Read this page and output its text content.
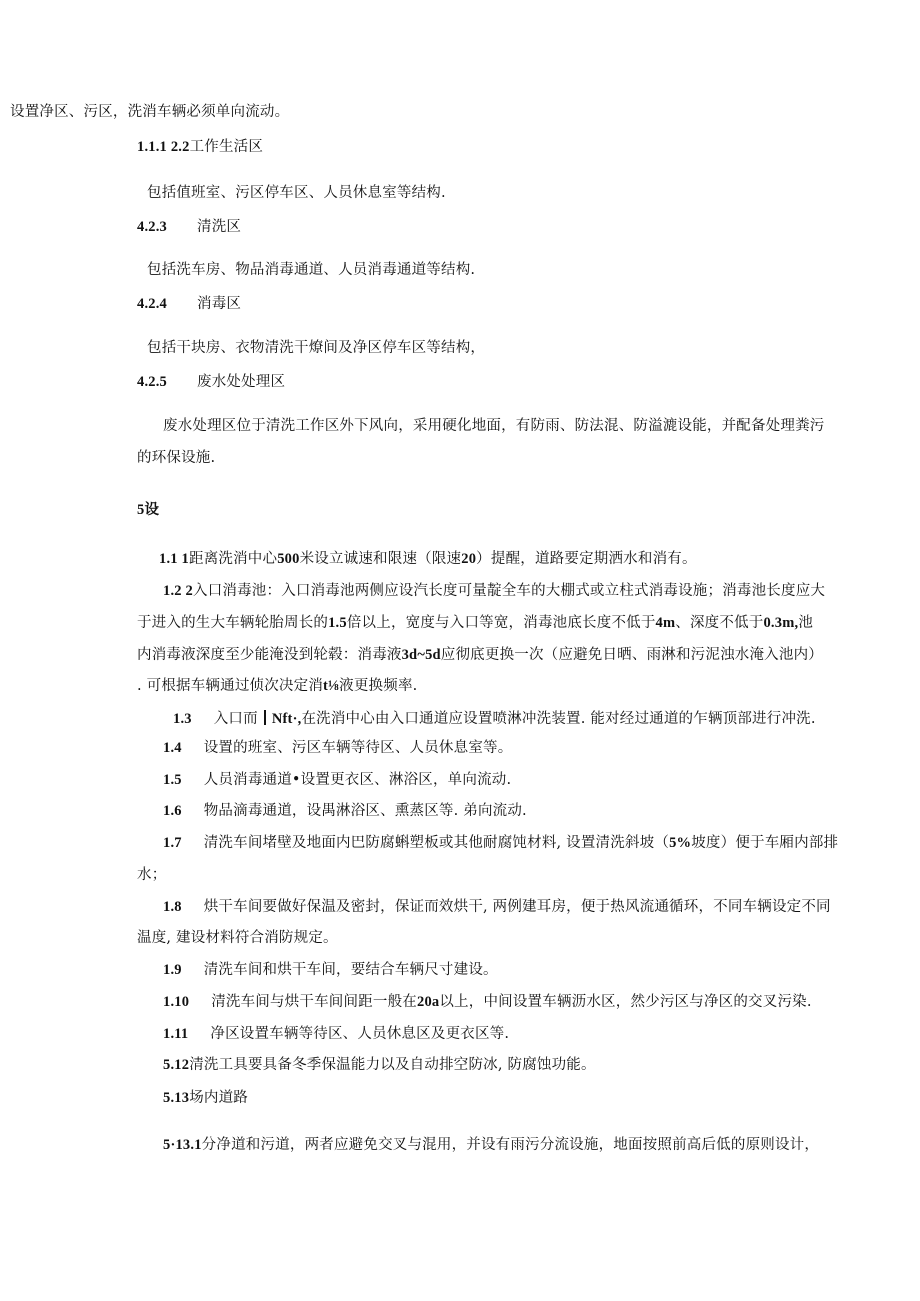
设置净区、污区，洗消车辆必须单向流动。
1.1.1 2.2工作生活区
包括值班室、污区停车区、人员休息室等结构.
4.2.3 清洗区
包括洗车房、物品消毒通道、人员消毒通道等结构.
4.2.4 消毒区
包括干块房、衣物清洗干燎间及净区停车区等结构，
4.2.5 废水处处理区
废水处理区位于清洗工作区外下风向，采用硬化地面，有防雨、防法混、防溢漉设能，并配备处理粪污
的环保设施.
5设
1.1 1距离洗消中心500米设立诚速和限速（限速20）提醒，道路要定期洒水和消有。
1.2 2入口消毒池：入口消毒池两侧应设汽长度可量靛全车的大棚式或立柱式消毒设施；消毒池长度应大
于进入的生大车辆轮胎周长的1.5倍以上，宽度与入口等宽，消毒池底长度不低于4m、深度不低于0.3m,池
内消毒液深度至少能淹没到轮毂：消毒液3d~5d应彻底更换一次（应避免日晒、雨淋和污泥浊水淹入池内）
. 可根据车辆通过侦次决定消t⅛液更换频率.
1.3 入口而 Nft·,在洗消中心由入口通道应设置喷淋冲洗装置. 能对经过通道的乍辆顶部进行冲洗.
1.4 设置的班室、污区车辆等待区、人员休息室等。
1.5 人员消毒通道•设置更衣区、淋浴区，单向流动.
1.6 物品滴毒通道，设禺淋浴区、熏蒸区等. 弟向流动.
1.7 清洗车间堵壁及地面内巴防腐蝌塑板或其他耐腐饨材料, 设置清洗斜坡（5%坡度）便于车厢内部排
水；
1.8 烘干车间要做好保温及密封，保证而效烘干, 两例建耳房，便于热风流通循环，不同车辆设定不同
温度, 建设材料符合消防规定。
1.9 清洗车间和烘干车间，要结合车辆尺寸建设。
1.10 清洗车间与烘干车间间距一般在20a以上，中间设置车辆沥水区，然少污区与净区的交叉污染.
1.11 净区设置车辆等待区、人员休息区及更衣区等.
5.12清洗工具要具备冬季保温能力以及自动排空防冰, 防腐蚀功能。
5.13场内道路
5·13.1分净道和污道，两者应避免交叉与混用，并设有雨污分流设施，地面按照前高后低的原则设计，
